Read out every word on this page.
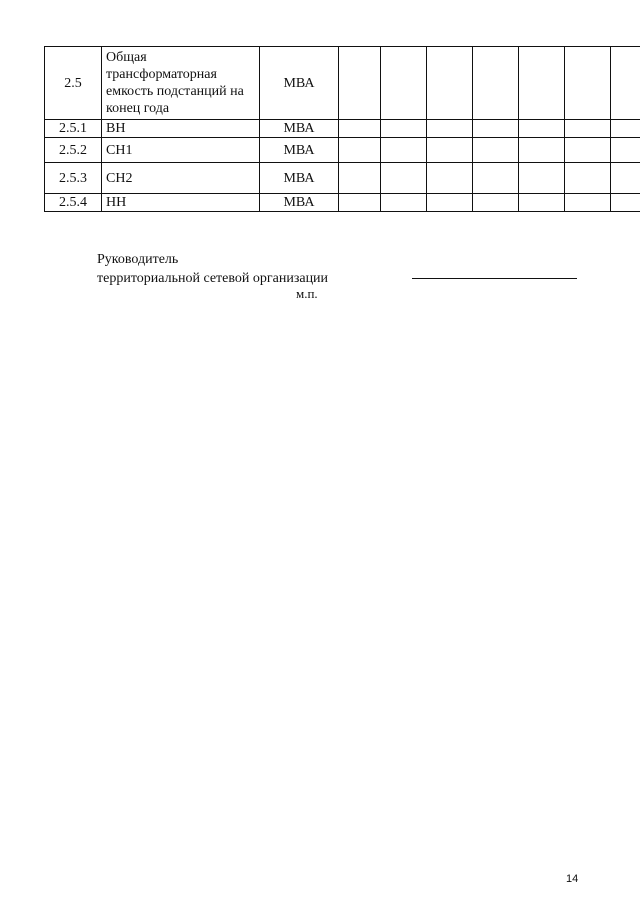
2.5	Общая трансформаторная емкость подстанций на конец года	МВА							
2.5.1	ВН	МВА							
2.5.2	СН1	МВА							
2.5.3	СН2	МВА							
2.5.4	НН	МВА							
Руководитель
территориальной сетевой организации
м.п.
14
